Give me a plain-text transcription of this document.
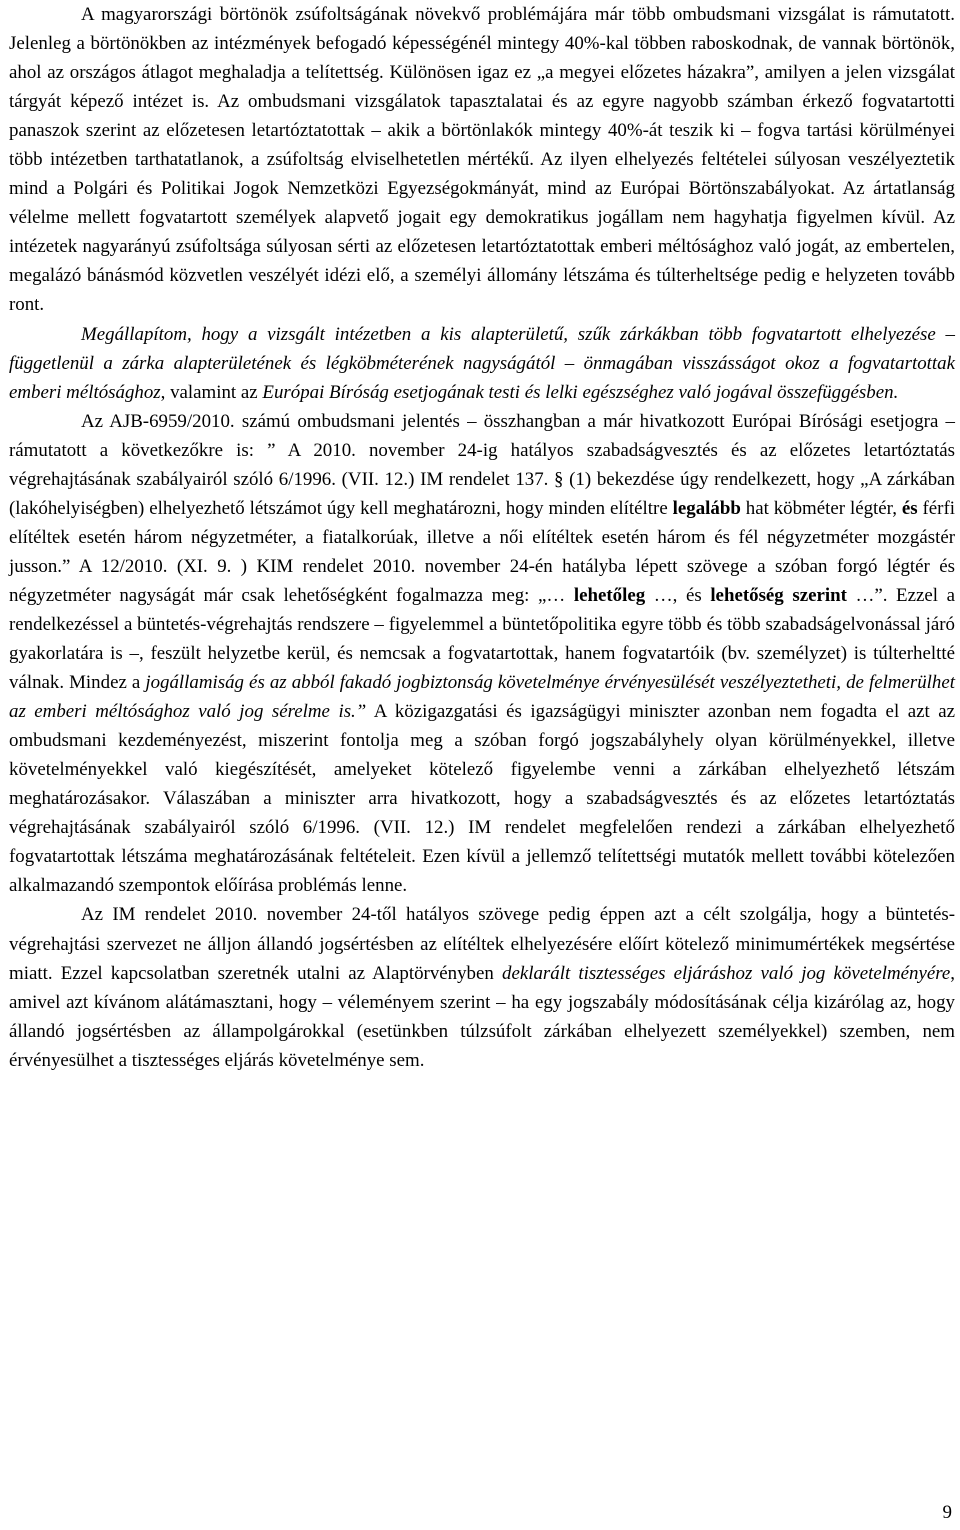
A magyarországi börtönök zsúfoltságának növekvő problémájára már több ombudsmani vizsgálat is rámutatott. Jelenleg a börtönökben az intézmények befogadó képességénél mintegy 40%-kal többen raboskodnak, de vannak börtönök, ahol az országos átlagot meghaladja a telítettség. Különösen igaz ez „a megyei előzetes házakra”, amilyen a jelen vizsgálat tárgyát képező intézet is. Az ombudsmani vizsgálatok tapasztalatai és az egyre nagyobb számban érkező fogvatartotti panaszok szerint az előzetesen letartóztatottak – akik a börtönlakók mintegy 40%-át teszik ki – fogva tartási körülményei több intézetben tarthatatlanok, a zsúfoltság elviselhetetlen mértékű. Az ilyen elhelyezés feltételei súlyosan veszélyeztetik mind a Polgári és Politikai Jogok Nemzetközi Egyezségokmányát, mind az Európai Börtönszabályokat. Az ártatlanság vélelme mellett fogvatartott személyek alapvető jogait egy demokratikus jogállam nem hagyhatja figyelmen kívül. Az intézetek nagyarányú zsúfoltsága súlyosan sérti az előzetesen letartóztatottak emberi méltósághoz való jogát, az embertelen, megalázó bánásmód közvetlen veszélyét idézi elő, a személyi állomány létszáma és túlterheltsége pedig e helyzeten tovább ront.

Megállapítom, hogy a vizsgált intézetben a kis alapterületű, szűk zárkákban több fogvatartott elhelyezése – függetlenül a zárka alapterületének és légköbméterének nagyságától – önmagában visszásságot okoz a fogvatartottak emberi méltósághoz, valamint az Európai Bíróság esetjogának testi és lelki egészséghez való jogával összefüggésben.

Az AJB-6959/2010. számú ombudsmani jelentés – összhangban a már hivatkozott Európai Bírósági esetjogra – rámutatott a következőkre is: ” A 2010. november 24-ig hatályos szabadságvesztés és az előzetes letartóztatás végrehajtásának szabályairól szóló 6/1996. (VII. 12.) IM rendelet 137. § (1) bekezdése úgy rendelkezett, hogy „A zárkában (lakóhelyiségben) elhelyezhető létszámot úgy kell meghatározni, hogy minden elítéltre legalább hat köbméter légtér, és férfi elítéltek esetén három négyzetméter, a fiatalkorúak, illetve a női elítéltek esetén három és fél négyzetméter mozgástér jusson.” A 12/2010. (XI. 9. ) KIM rendelet 2010. november 24-én hatályba lépett szövege a szóban forgó légtér és négyzetméter nagyságát már csak lehetőségként fogalmazza meg: „… lehetőleg …, és lehetőség szerint …”. Ezzel a rendelkezéssel a büntetés-végrehajtás rendszere – figyelemmel a büntetőpolitika egyre több és több szabadságelvonással járó gyakorlatára is –, feszült helyzetbe kerül, és nemcsak a fogvatartottak, hanem fogvatartóik (bv. személyzet) is túlterheltté válnak. Mindez a jogállamiság és az abból fakadó jogbiztonság követelménye érvényesülését veszélyeztetheti, de felmerülhet az emberi méltósághoz való jog sérelme is.” A közigazgatási és igazságügyi miniszter azonban nem fogadta el azt az ombudsmani kezdeményezést, miszerint fontolja meg a szóban forgó jogszabályhely olyan körülményekkel, illetve követelményekkel való kiegészítését, amelyeket kötelező figyelembe venni a zárkában elhelyezhető létszám meghatározásakor. Válaszában a miniszter arra hivatkozott, hogy a szabadságvesztés és az előzetes letartóztatás végrehajtásának szabályairól szóló 6/1996. (VII. 12.) IM rendelet megfelelően rendezi a zárkában elhelyezhető fogvatartottak létszáma meghatározásának feltételeit. Ezen kívül a jellemző telítettségi mutatók mellett további kötelezően alkalmazandó szempontok előírása problémás lenne.

Az IM rendelet 2010. november 24-től hatályos szövege pedig éppen azt a célt szolgálja, hogy a büntetés-végrehajtási szervezet ne álljon állandó jogsértésben az elítéltek elhelyezésére előírt kötelező minimumértékek megsértése miatt. Ezzel kapcsolatban szeretnék utalni az Alaptörvényben deklarált tisztességes eljáráshoz való jog követelményére, amivel azt kívánom alátámasztani, hogy – véleményem szerint – ha egy jogszabály módosításának célja kizárólag az, hogy állandó jogsértésben az állampolgárokkal (esetünkben túlzsúfolt zárkában elhelyezett személyekkel) szemben, nem érvényesülhet a tisztességes eljárás követelménye sem.

9
